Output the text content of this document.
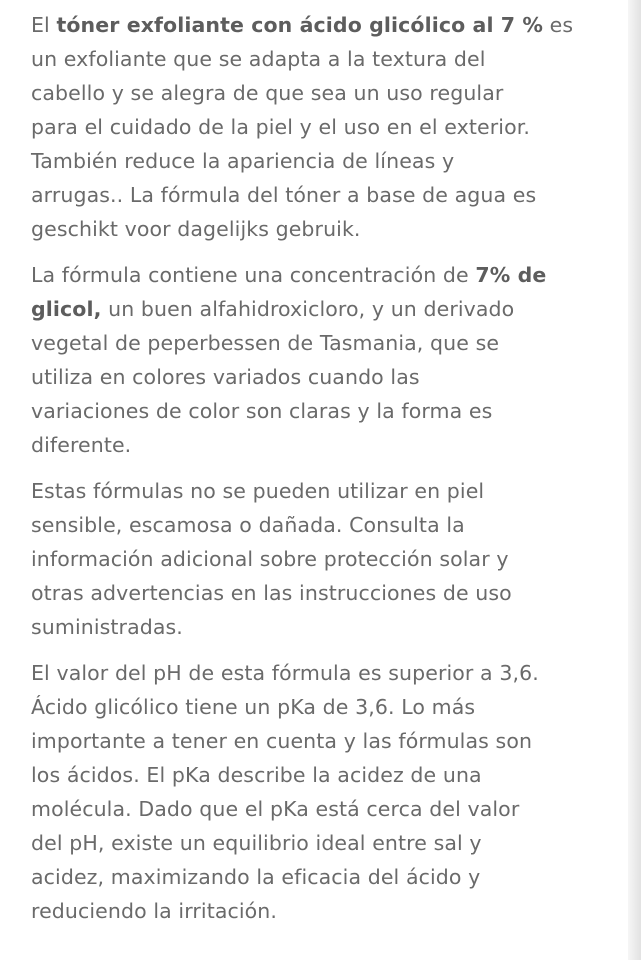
El tóner exfoliante con ácido glicólico al 7 % es
un exfoliante que se adapta a la textura del
cabello y se alegra de que sea un uso regular
para el cuidado de la piel y el uso en el exterior.
También reduce la apariencia de líneas y
arrugas.. La fórmula del tóner a base de agua es
geschikt voor dagelijks gebruik.

La fórmula contiene una concentración de 7% de
glicol, un buen alfahidroxicloro, y un derivado
vegetal de peperbessen de Tasmania, que se
utiliza en colores variados cuando las
variaciones de color son claras y la forma es
diferente.

Estas fórmulas no se pueden utilizar en piel
sensible, escamosa o dañada. Consulta la
información adicional sobre protección solar y
otras advertencias en las instrucciones de uso
suministradas.

El valor del pH de esta fórmula es superior a 3,6.
Ácido glicólico tiene un pKa de 3,6. Lo más
importante a tener en cuenta y las fórmulas son
los ácidos. El pKa describe la acidez de una
molécula. Dado que el pKa está cerca del valor
del pH, existe un equilibrio ideal entre sal y
acidez, maximizando la eficacia del ácido y
reduciendo la irritación.
